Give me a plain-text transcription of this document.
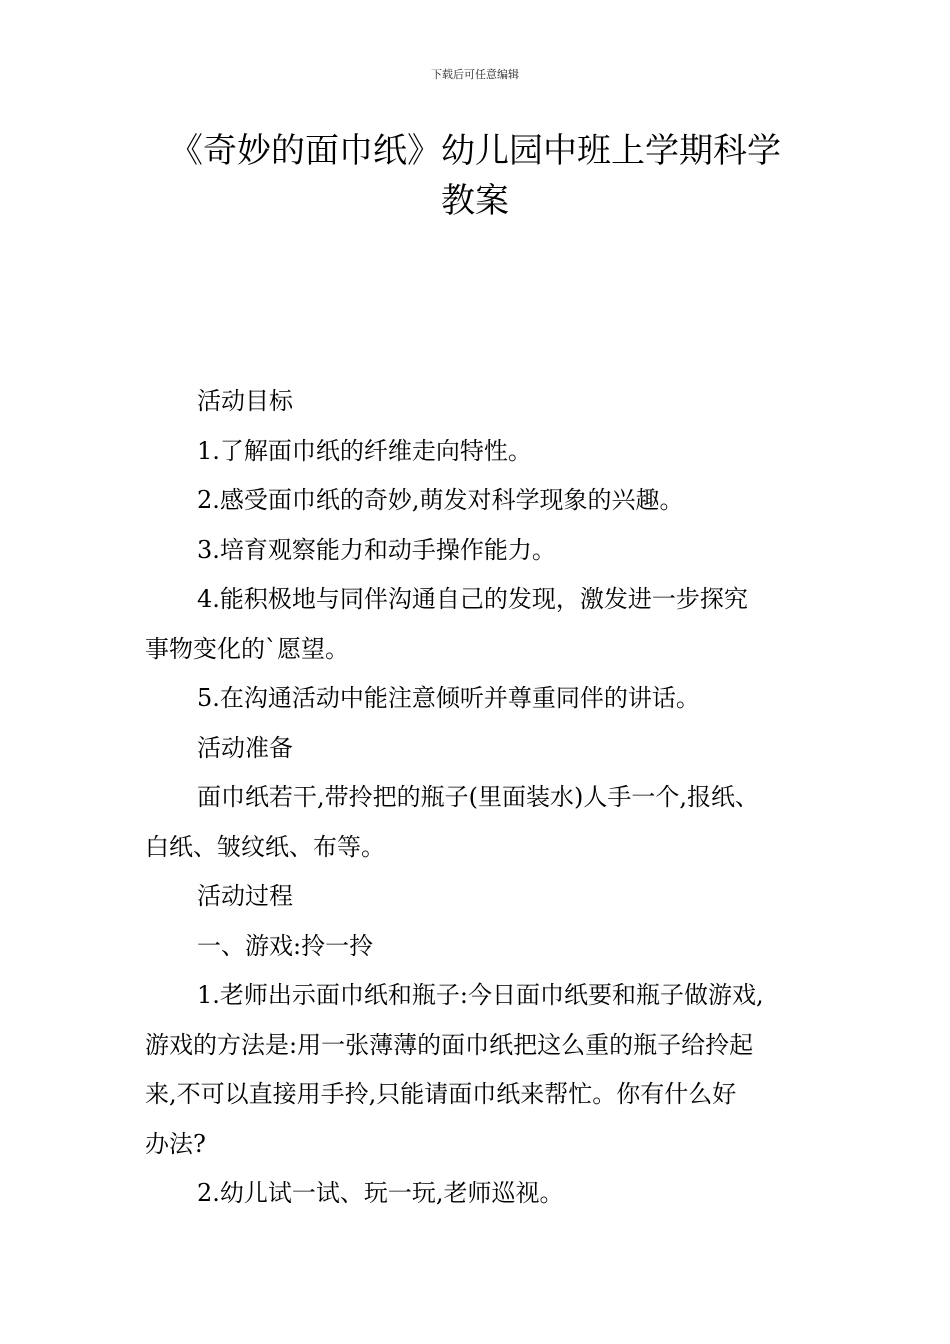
下载后可任意编辑
《奇妙的面巾纸》幼儿园中班上学期科学
教案

活动目标

1.了解面巾纸的纤维走向特性。

2.感受面巾纸的奇妙,萌发对科学现象的兴趣。

3.培育观察能力和动手操作能力。

4.能积极地与同伴沟通自己的发现，激发进一步探究
事物变化的`愿望。

5.在沟通活动中能注意倾听并尊重同伴的讲话。

活动准备

面巾纸若干,带拎把的瓶子(里面装水)人手一个,报纸、
白纸、皱纹纸、布等。

活动过程

一、游戏:拎一拎

1.老师出示面巾纸和瓶子:今日面巾纸要和瓶子做游戏,
游戏的方法是:用一张薄薄的面巾纸把这么重的瓶子给拎起
来,不可以直接用手拎,只能请面巾纸来帮忙。你有什么好
办法?

2.幼儿试一试、玩一玩,老师巡视。
